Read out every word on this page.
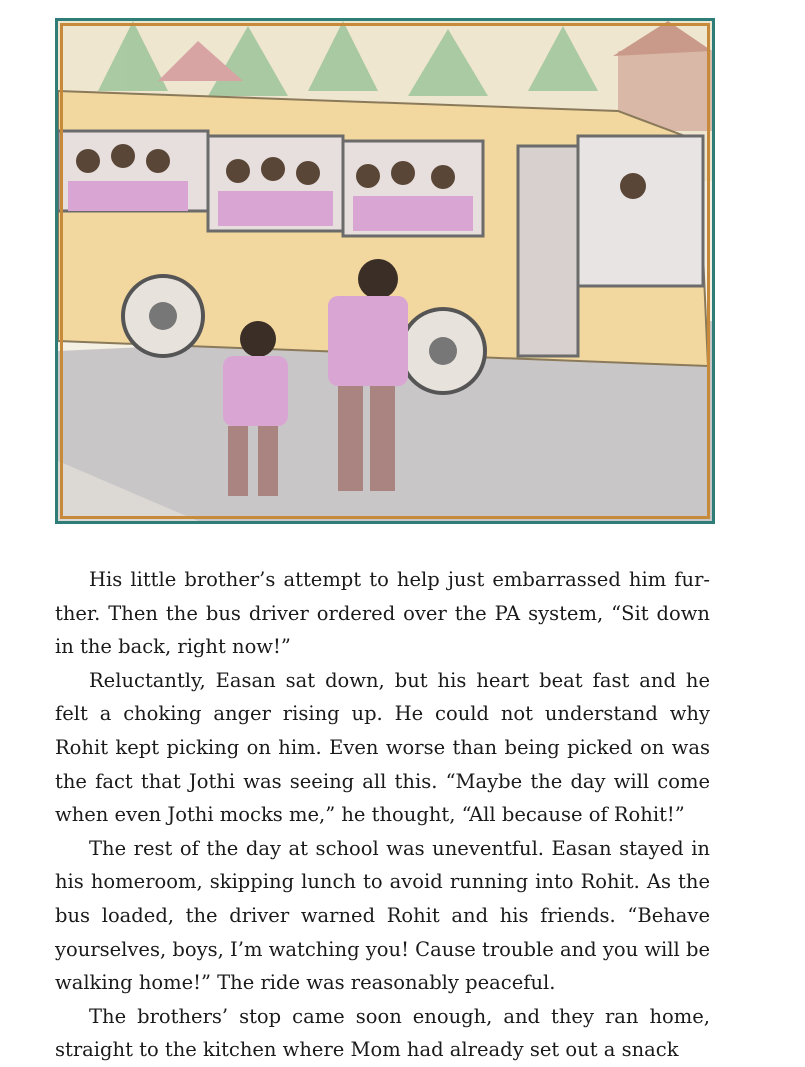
His little brother’s attempt to help just embarrassed him fur- ther. Then the bus driver ordered over the PA system, “Sit down in the back, right now!”

Reluctantly, Easan sat down, but his heart beat fast and he felt a choking anger rising up. He could not understand why Rohit kept picking on him. Even worse than being picked on was the fact that Jothi was seeing all this. “Maybe the day will come when even Jothi mocks me,” he thought, “All because of Rohit!”

The rest of the day at school was uneventful. Easan stayed in his homeroom, skipping lunch to avoid running into Rohit. As the bus loaded, the driver warned Rohit and his friends. “Behave yourselves, boys, I’m watching you! Cause trouble and you will be walking home!” The ride was reasonably peaceful.

The brothers’ stop came soon enough, and they ran home, straight to the kitchen where Mom had already set out a snack
